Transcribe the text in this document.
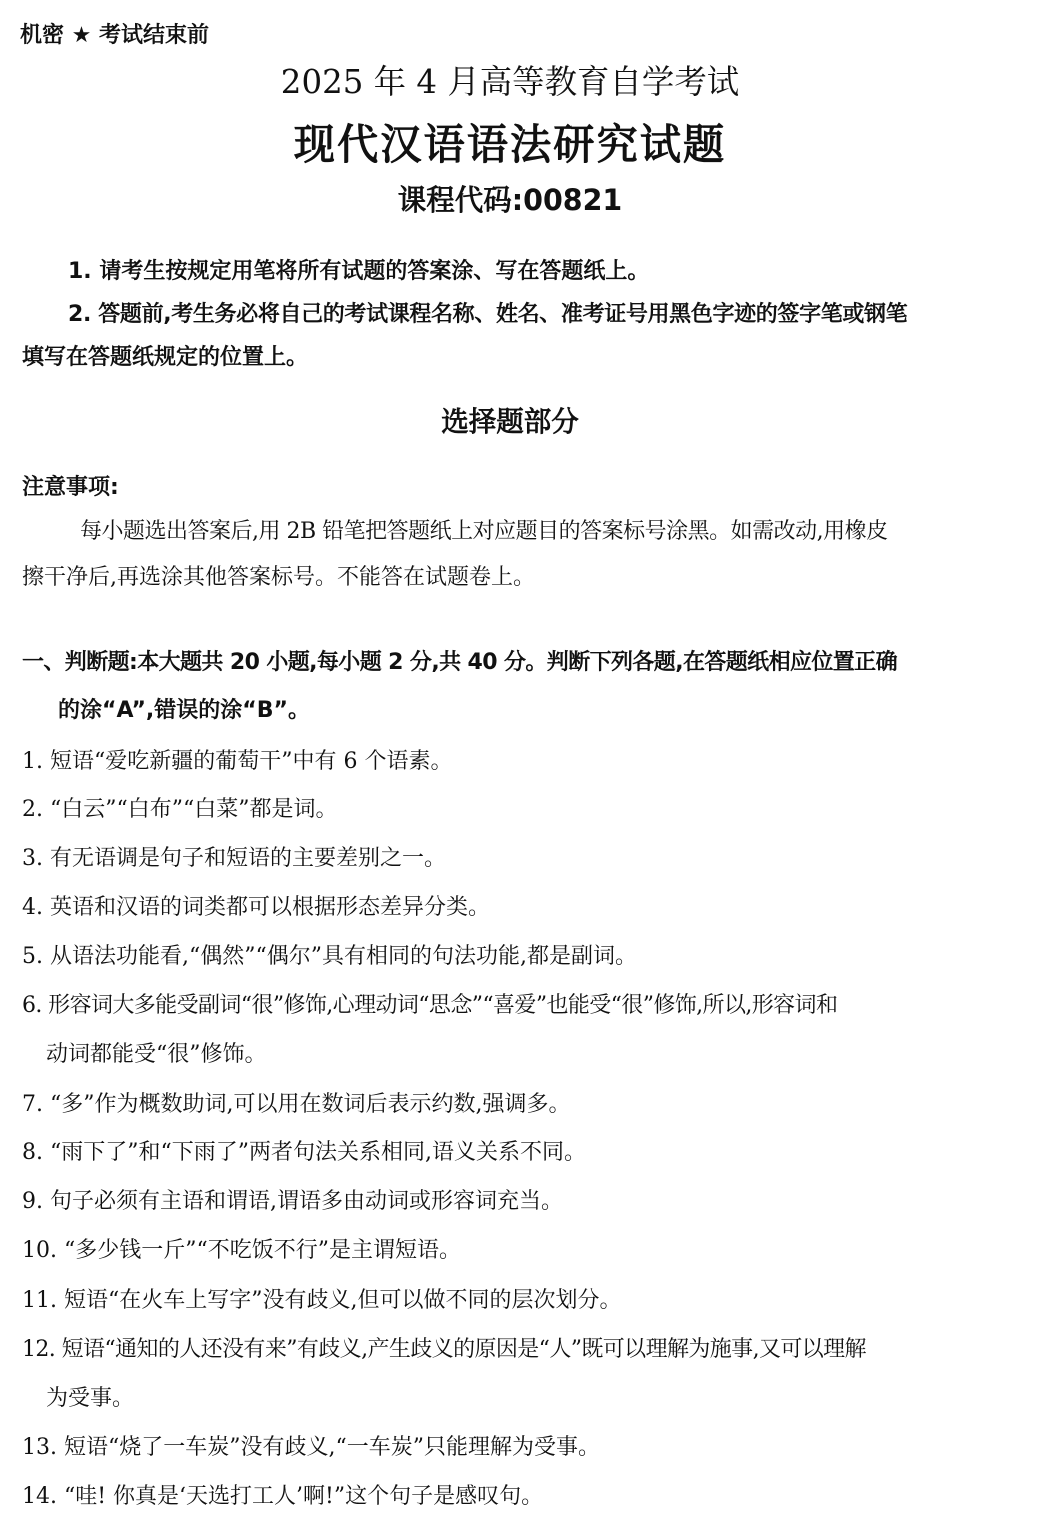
机密 ★ 考试结束前
2025 年 4 月高等教育自学考试
现代汉语语法研究试题
课程代码:00821
1. 请考生按规定用笔将所有试题的答案涂、写在答题纸上。
2. 答题前,考生务必将自己的考试课程名称、姓名、准考证号用黑色字迹的签字笔或钢笔
填写在答题纸规定的位置上。
选择题部分
注意事项:
每小题选出答案后,用 2B 铅笔把答题纸上对应题目的答案标号涂黑。如需改动,用橡皮
擦干净后,再选涂其他答案标号。不能答在试题卷上。
一、判断题:本大题共 20 小题,每小题 2 分,共 40 分。判断下列各题,在答题纸相应位置正确
的涂“A”,错误的涂“B”。
1. 短语“爱吃新疆的葡萄干”中有 6 个语素。
2. “白云”“白布”“白菜”都是词。
3. 有无语调是句子和短语的主要差别之一。
4. 英语和汉语的词类都可以根据形态差异分类。
5. 从语法功能看,“偶然”“偶尔”具有相同的句法功能,都是副词。
6. 形容词大多能受副词“很”修饰,心理动词“思念”“喜爱”也能受“很”修饰,所以,形容词和
动词都能受“很”修饰。
7. “多”作为概数助词,可以用在数词后表示约数,强调多。
8. “雨下了”和“下雨了”两者句法关系相同,语义关系不同。
9. 句子必须有主语和谓语,谓语多由动词或形容词充当。
10. “多少钱一斤”“不吃饭不行”是主谓短语。
11. 短语“在火车上写字”没有歧义,但可以做不同的层次划分。
12. 短语“通知的人还没有来”有歧义,产生歧义的原因是“人”既可以理解为施事,又可以理解
为受事。
13. 短语“烧了一车炭”没有歧义,“一车炭”只能理解为受事。
14. “哇! 你真是‘天选打工人’啊!”这个句子是感叹句。
